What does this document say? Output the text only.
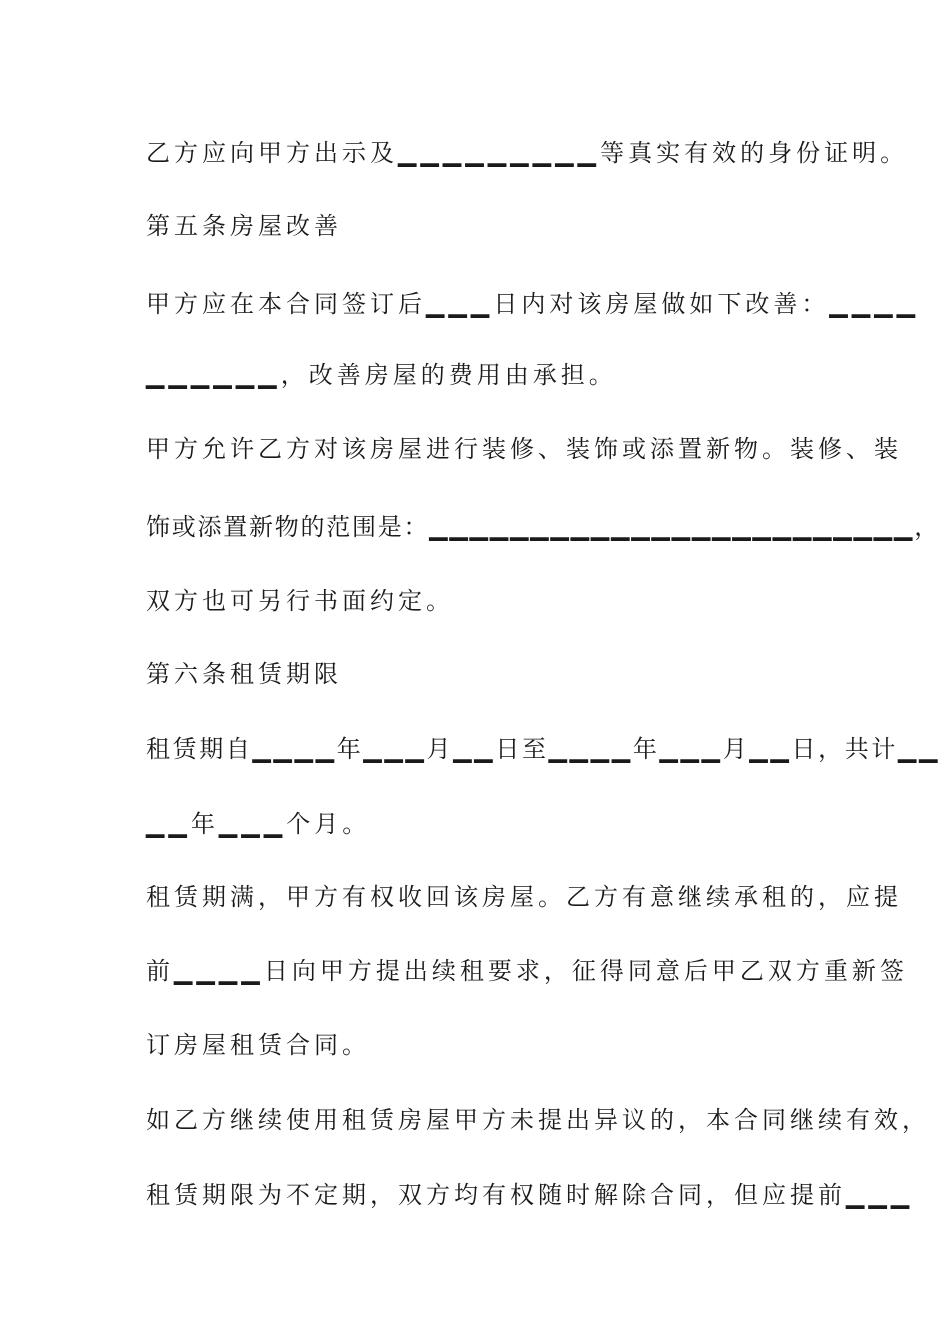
乙方应向甲方出示及▁▁▁▁▁▁▁▁▁等真实有效的身份证明。
第五条房屋改善
甲方应在本合同签订后▁▁▁日内对该房屋做如下改善：▁▁▁▁
▁▁▁▁▁▁，改善房屋的费用由承担。
甲方允许乙方对该房屋进行装修、装饰或添置新物。装修、装
饰或添置新物的范围是：▁▁▁▁▁▁▁▁▁▁▁▁▁▁▁▁▁▁▁▁▁▁▁▁，
双方也可另行书面约定。
第六条租赁期限
租赁期自▁▁▁▁年▁▁▁月▁▁日至▁▁▁▁年▁▁▁月▁▁日，共计▁▁
▁▁年▁▁▁个月。
租赁期满，甲方有权收回该房屋。乙方有意继续承租的，应提
前▁▁▁▁日向甲方提出续租要求，征得同意后甲乙双方重新签
订房屋租赁合同。
如乙方继续使用租赁房屋甲方未提出异议的，本合同继续有效，
租赁期限为不定期，双方均有权随时解除合同，但应提前▁▁▁
